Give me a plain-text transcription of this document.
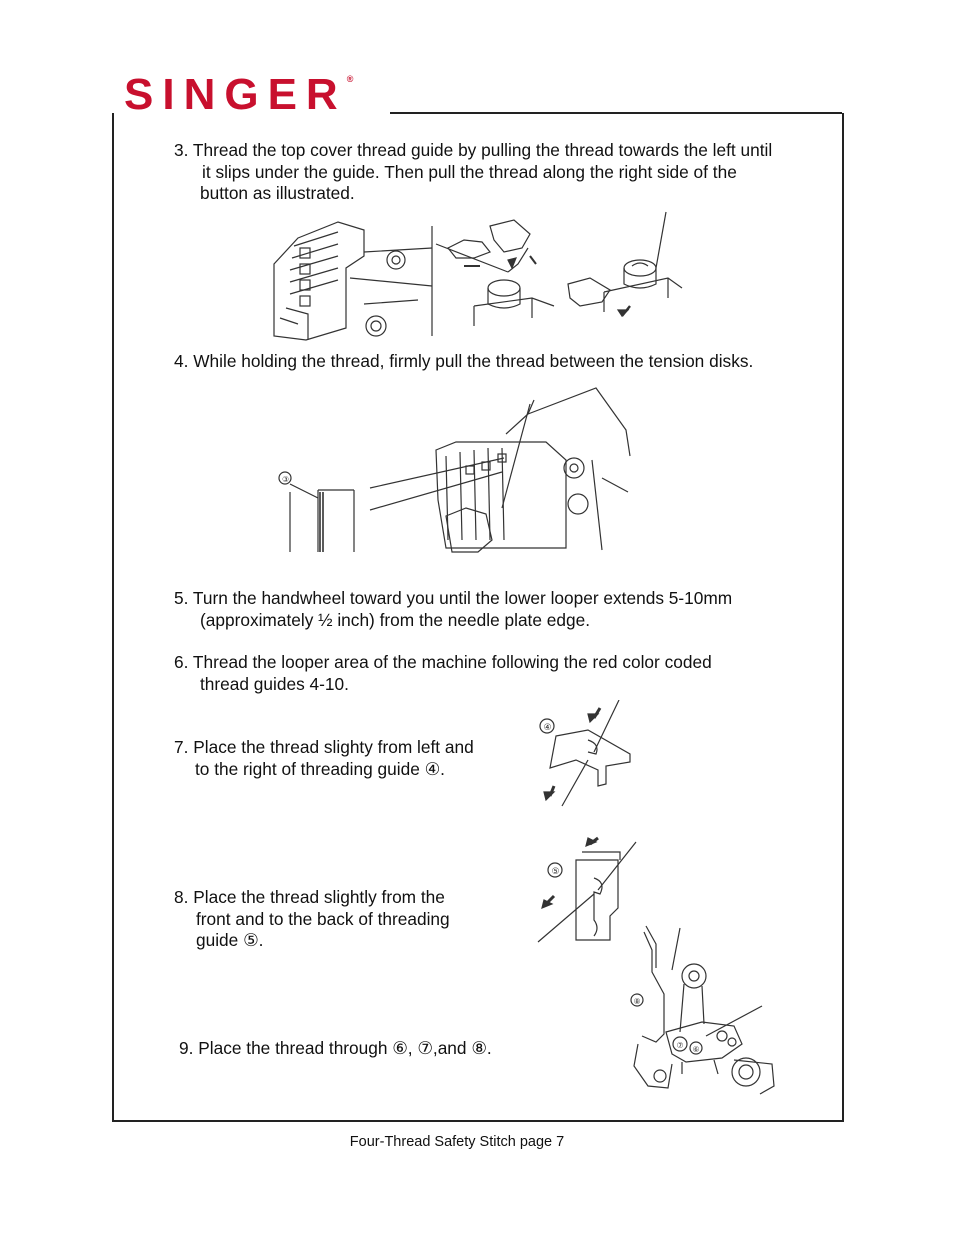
SINGER®
3. Thread the top cover thread guide by pulling the thread towards the left until
it slips under the guide. Then pull the thread along the right side of the
button as illustrated.
4. While holding the thread, firmly pull the thread between the tension disks.
③
5. Turn the handwheel toward you until the lower looper extends 5-10mm
(approximately ½ inch) from the needle plate edge.
6. Thread the looper area of the machine following the red color coded
thread guides 4-10.
7. Place the thread slighty from left and
to the right of threading guide ④.
④
⑤
8. Place the thread slightly from the
front and to the back of threading
guide ⑤.
⑧
⑦ ⑥
9. Place the thread through ⑥, ⑦,and ⑧.
Four-Thread Safety Stitch page 7
